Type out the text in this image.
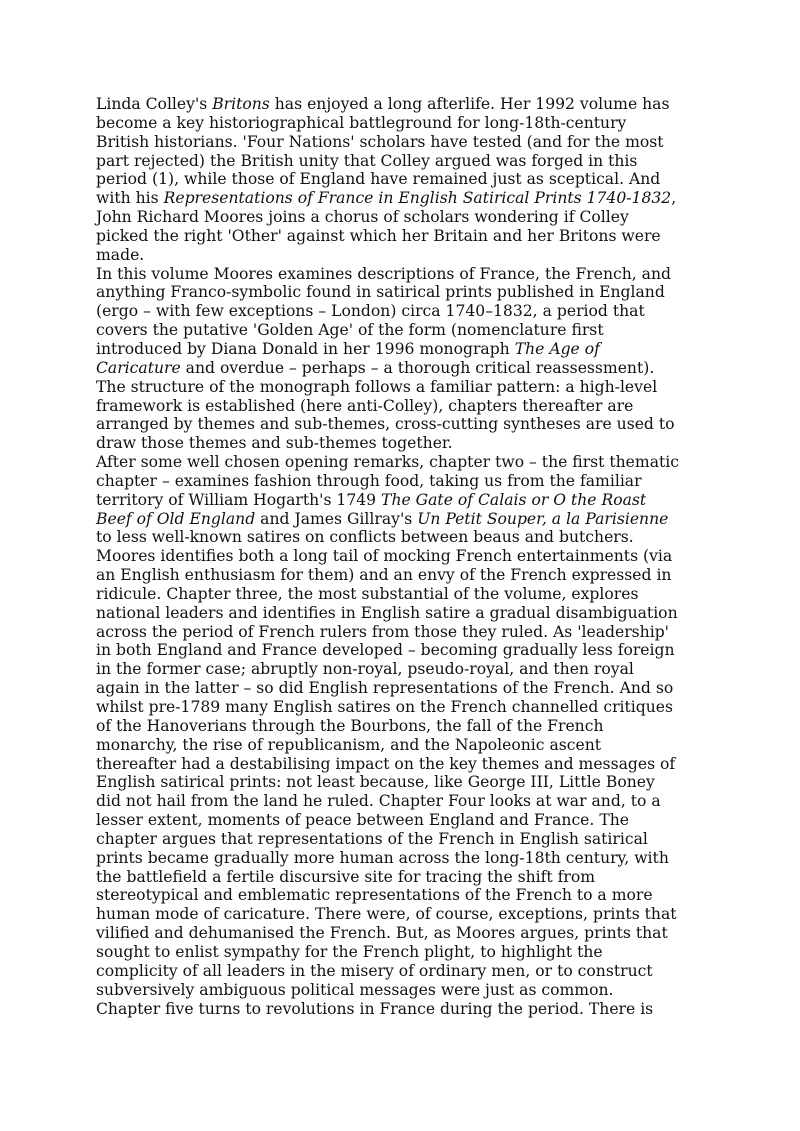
Linda Colley's Britons has enjoyed a long afterlife. Her 1992 volume has
become a key historiographical battleground for long-18th-century
British historians. 'Four Nations' scholars have tested (and for the most
part rejected) the British unity that Colley argued was forged in this
period (1), while those of England have remained just as sceptical. And
with his Representations of France in English Satirical Prints 1740-1832,
John Richard Moores joins a chorus of scholars wondering if Colley
picked the right 'Other' against which her Britain and her Britons were
made.
In this volume Moores examines descriptions of France, the French, and
anything Franco-symbolic found in satirical prints published in England
(ergo – with few exceptions – London) circa 1740–1832, a period that
covers the putative 'Golden Age' of the form (nomenclature first
introduced by Diana Donald in her 1996 monograph The Age of
Caricature and overdue – perhaps – a thorough critical reassessment).
The structure of the monograph follows a familiar pattern: a high-level
framework is established (here anti-Colley), chapters thereafter are
arranged by themes and sub-themes, cross-cutting syntheses are used to
draw those themes and sub-themes together.
After some well chosen opening remarks, chapter two – the first thematic
chapter – examines fashion through food, taking us from the familiar
territory of William Hogarth's 1749 The Gate of Calais or O the Roast
Beef of Old England and James Gillray's Un Petit Souper, a la Parisienne
to less well-known satires on conflicts between beaus and butchers.
Moores identifies both a long tail of mocking French entertainments (via
an English enthusiasm for them) and an envy of the French expressed in
ridicule. Chapter three, the most substantial of the volume, explores
national leaders and identifies in English satire a gradual disambiguation
across the period of French rulers from those they ruled. As 'leadership'
in both England and France developed – becoming gradually less foreign
in the former case; abruptly non-royal, pseudo-royal, and then royal
again in the latter – so did English representations of the French. And so
whilst pre-1789 many English satires on the French channelled critiques
of the Hanoverians through the Bourbons, the fall of the French
monarchy, the rise of republicanism, and the Napoleonic ascent
thereafter had a destabilising impact on the key themes and messages of
English satirical prints: not least because, like George III, Little Boney
did not hail from the land he ruled. Chapter Four looks at war and, to a
lesser extent, moments of peace between England and France. The
chapter argues that representations of the French in English satirical
prints became gradually more human across the long-18th century, with
the battlefield a fertile discursive site for tracing the shift from
stereotypical and emblematic representations of the French to a more
human mode of caricature. There were, of course, exceptions, prints that
vilified and dehumanised the French. But, as Moores argues, prints that
sought to enlist sympathy for the French plight, to highlight the
complicity of all leaders in the misery of ordinary men, or to construct
subversively ambiguous political messages were just as common.
Chapter five turns to revolutions in France during the period. There is
